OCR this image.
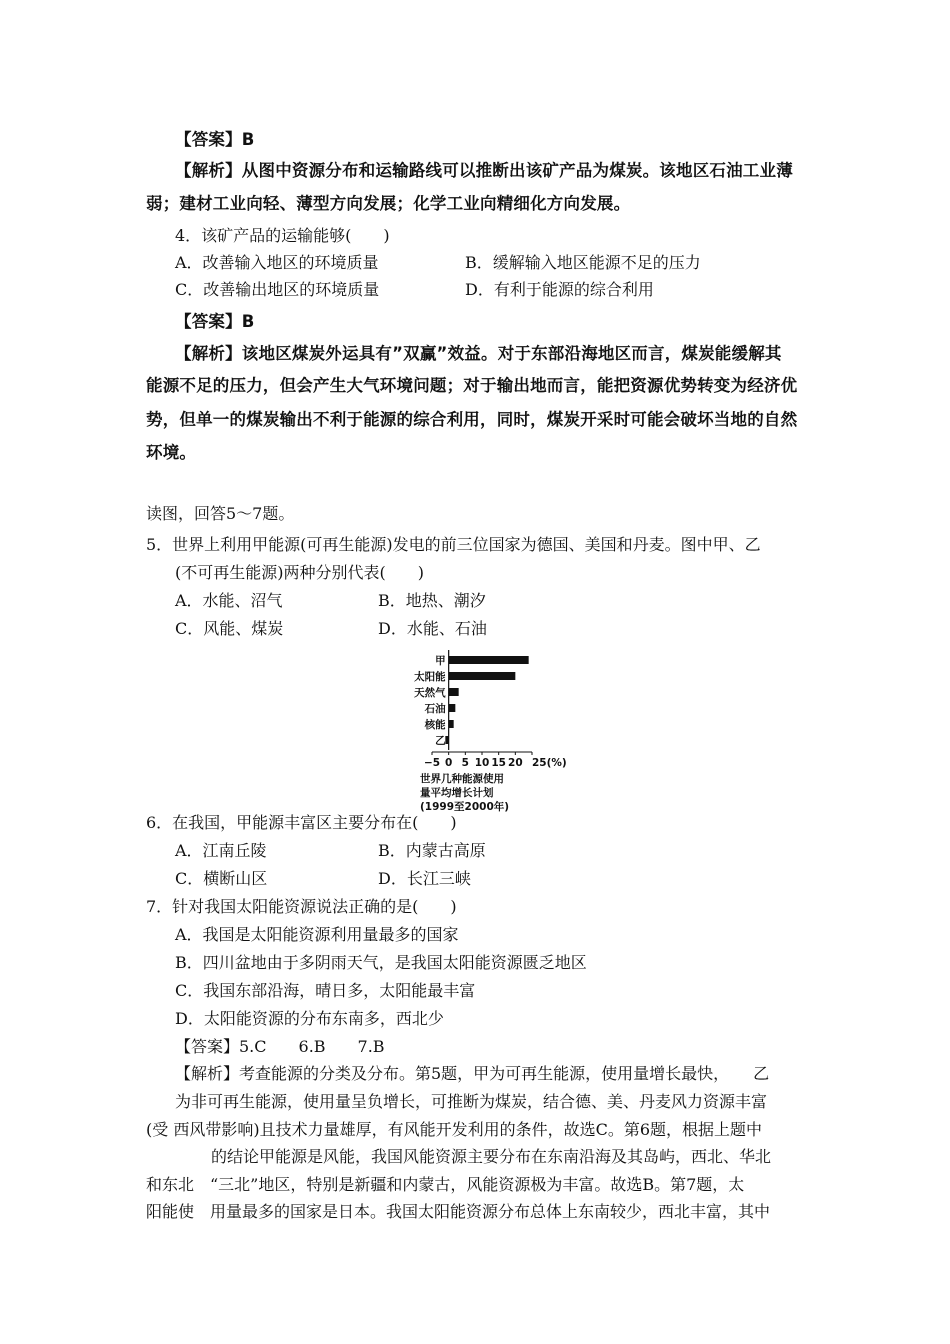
【答案】B
【解析】从图中资源分布和运输路线可以推断出该矿产品为煤炭。该地区石油工业薄
弱；建材工业向轻、薄型方向发展；化学工业向精细化方向发展。
4．该矿产品的运输能够(　　)
A．改善输入地区的环境质量	B．缓解输入地区能源不足的压力
C．改善输出地区的环境质量	D．有利于能源的综合利用
【答案】B
【解析】该地区煤炭外运具有”双赢”效益。对于东部沿海地区而言，煤炭能缓解其
能源不足的压力，但会产生大气环境问题；对于输出地而言，能把资源优势转变为经济优
势，但单一的煤炭输出不利于能源的综合利用，同时，煤炭开采时可能会破坏当地的自然
环境。
读图，回答5～7题。
5．世界上利用甲能源(可再生能源)发电的前三位国家为德国、美国和丹麦。图中甲、乙
(不可再生能源)两种分别代表(　　)
A．水能、沼气	B．地热、潮汐
C．风能、煤炭	D．水能、石油
甲
太阳能
天然气
石油
核能
乙
−5 0 5 10 15 20 25(%)
世界几种能源使用
量平均增长计划
(1999至2000年)
6．在我国，甲能源丰富区主要分布在(　　)
A．江南丘陵	B．内蒙古高原
C．横断山区	D．长江三峡
7．针对我国太阳能资源说法正确的是(　　)
A．我国是太阳能资源利用量最多的国家
B．四川盆地由于多阴雨天气，是我国太阳能资源匮乏地区
C．我国东部沿海，晴日多，太阳能最丰富
D．太阳能资源的分布东南多，西北少
【答案】5.C　　6.B　　7.B
【解析】考查能源的分类及分布。第5题，甲为可再生能源，使用量增长最快，　　乙
为非可再生能源，使用量呈负增长，可推断为煤炭，结合德、美、丹麦风力资源丰富
(受 西风带影响)且技术力量雄厚，有风能开发利用的条件，故选C。第6题，根据上题中
的结论甲能源是风能，我国风能资源主要分布在东南沿海及其岛屿，西北、华北
和东北　“三北”地区，特别是新疆和内蒙古，风能资源极为丰富。故选B。第7题，太
阳能使　用量最多的国家是日本。我国太阳能资源分布总体上东南较少，西北丰富，其中
